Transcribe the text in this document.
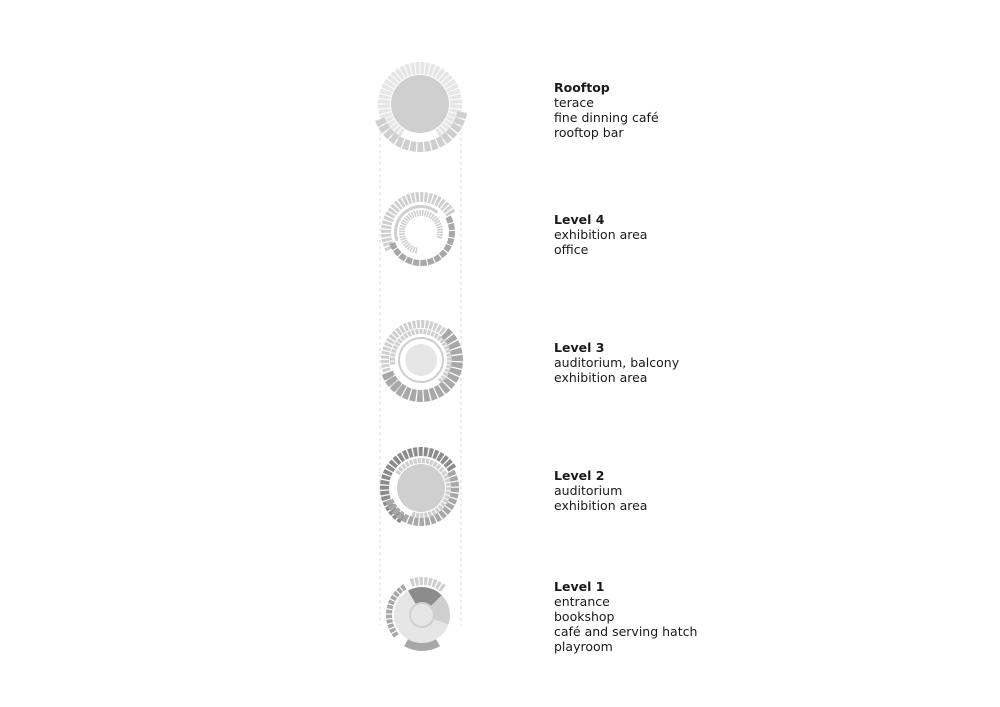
Rooftop
terace
fine dinning café
rooftop bar
Level 4
exhibition area
office
Level 3
auditorium, balcony
exhibition area
Level 2
auditorium
exhibition area
Level 1
entrance
bookshop
café and serving hatch
playroom
